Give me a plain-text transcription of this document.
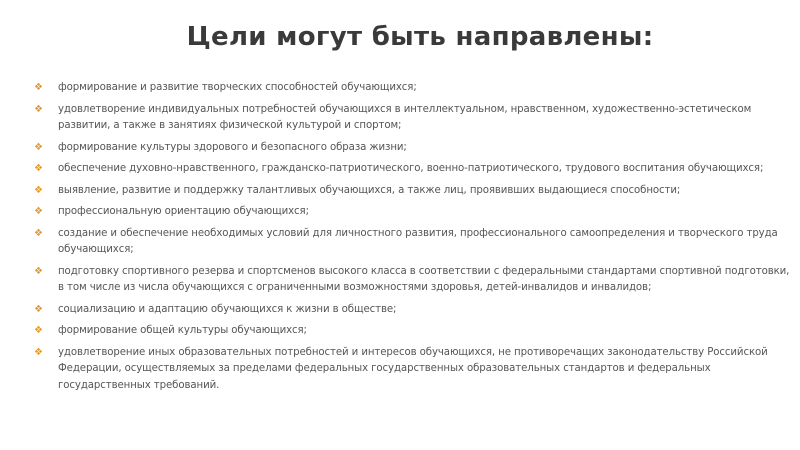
Цели могут быть направлены:
❖	формирование и развитие творческих способностей обучающихся;
❖	удовлетворение индивидуальных потребностей обучающихся в интеллектуальном, нравственном, художественно-эстетическом развитии, а также в занятиях физической культурой и спортом;
❖	формирование культуры здорового и безопасного образа жизни;
❖	обеспечение духовно-нравственного, гражданско-патриотического, военно-патриотического, трудового воспитания обучающихся;
❖	выявление, развитие и поддержку талантливых обучающихся, а также лиц, проявивших выдающиеся способности;
❖	профессиональную ориентацию обучающихся;
❖	создание и обеспечение необходимых условий для личностного развития, профессионального самоопределения и творческого труда обучающихся;
❖	подготовку спортивного резерва и спортсменов высокого класса в соответствии с федеральными стандартами спортивной подготовки, в том числе из числа обучающихся с ограниченными возможностями здоровья, детей-инвалидов и инвалидов;
❖	социализацию и адаптацию обучающихся к жизни в обществе;
❖	формирование общей культуры обучающихся;
❖	удовлетворение иных образовательных потребностей и интересов обучающихся, не противоречащих законодательству Российской Федерации, осуществляемых за пределами федеральных государственных образовательных стандартов и федеральных государственных требований.
